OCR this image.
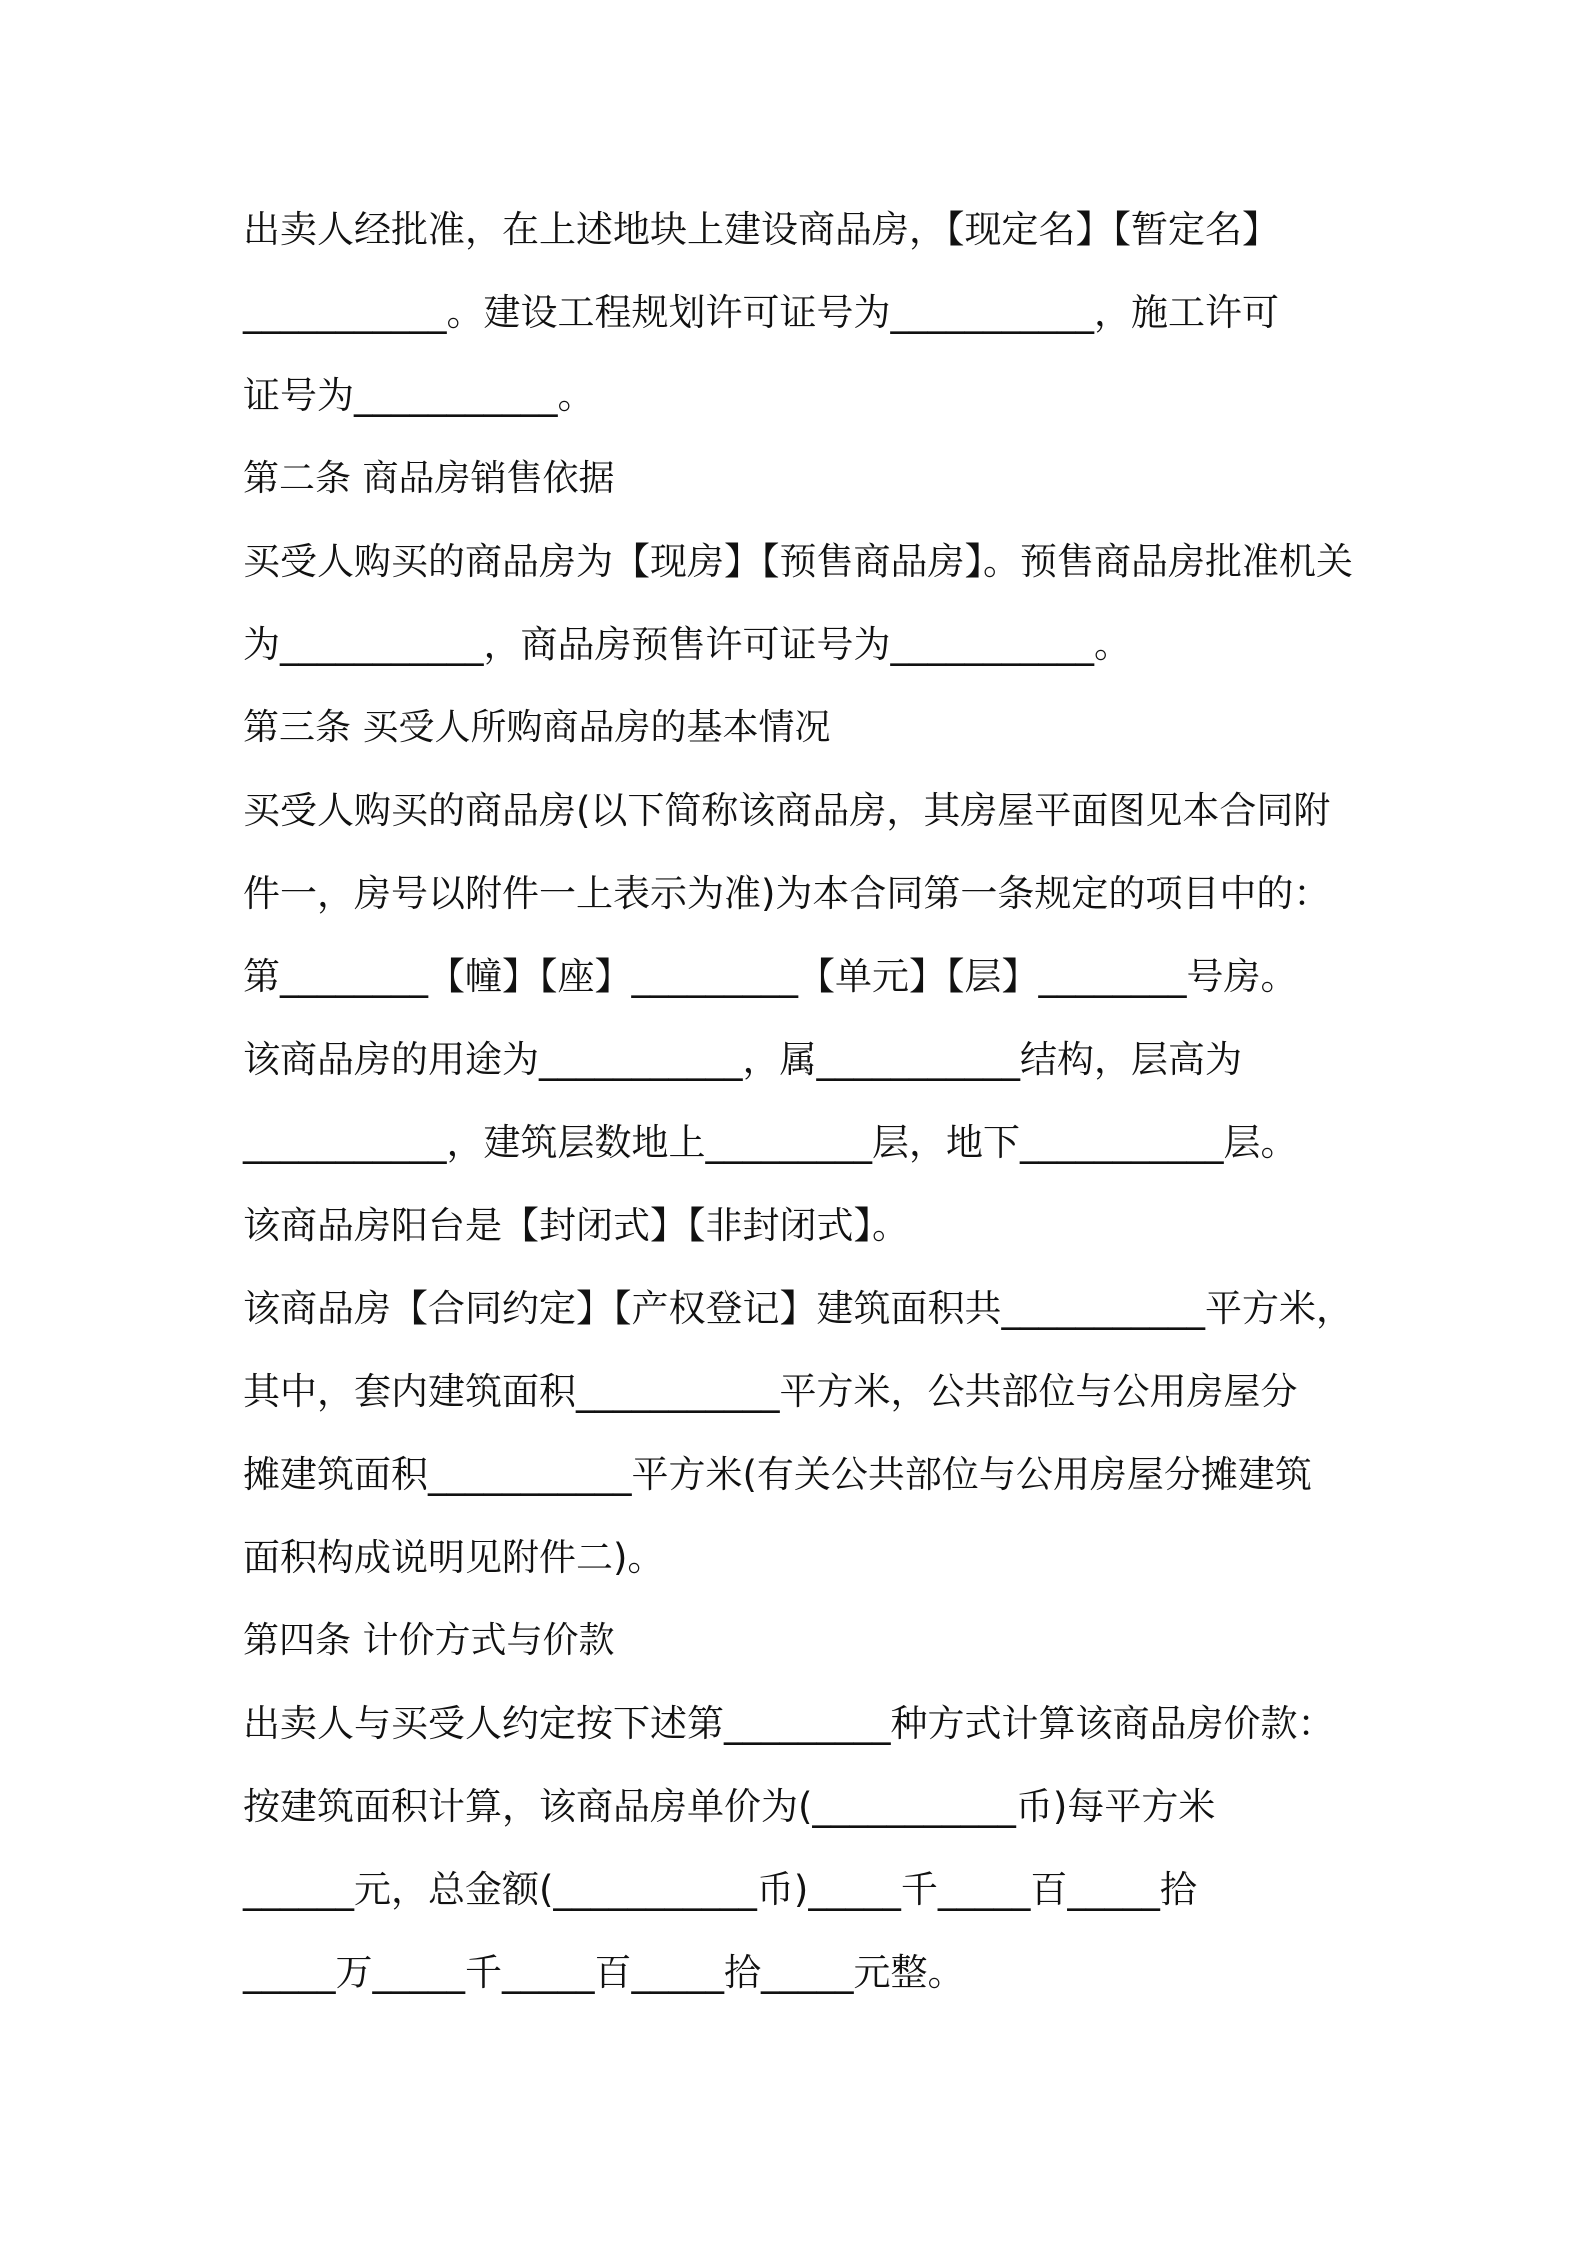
出卖人经批准，在上述地块上建设商品房，【现定名】【暂定名】
___________。建设工程规划许可证号为___________，施工许可
证号为___________。
第二条 商品房销售依据
买受人购买的商品房为【现房】【预售商品房】。预售商品房批准机关
为___________，商品房预售许可证号为___________。
第三条 买受人所购商品房的基本情况
买受人购买的商品房(以下简称该商品房，其房屋平面图见本合同附
件一，房号以附件一上表示为准)为本合同第一条规定的项目中的：
第________【幢】【座】_________【单元】【层】________号房。
该商品房的用途为___________，属___________结构，层高为
___________，建筑层数地上_________层，地下___________层。
该商品房阳台是【封闭式】【非封闭式】。
该商品房【合同约定】【产权登记】建筑面积共___________平方米，
其中，套内建筑面积___________平方米，公共部位与公用房屋分
摊建筑面积___________平方米(有关公共部位与公用房屋分摊建筑
面积构成说明见附件二)。
第四条 计价方式与价款
出卖人与买受人约定按下述第_________种方式计算该商品房价款：
按建筑面积计算，该商品房单价为(___________币)每平方米
______元，总金额(___________币)_____千_____百_____拾
_____万_____千_____百_____拾_____元整。
